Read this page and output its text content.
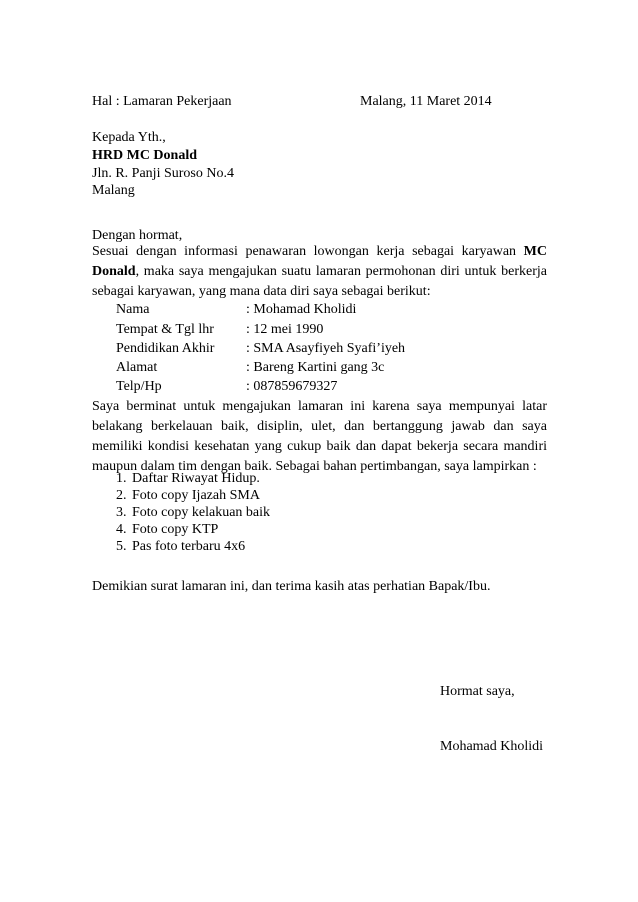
Hal : Lamaran Pekerjaan	Malang, 11 Maret 2014
Kepada Yth.,
HRD MC Donald
Jln. R. Panji Suroso No.4
Malang
Dengan hormat,
Sesuai dengan informasi penawaran lowongan kerja sebagai karyawan MC Donald, maka saya mengajukan suatu lamaran permohonan diri untuk berkerja sebagai karyawan, yang mana data diri saya sebagai berikut:
Nama	: Mohamad Kholidi
Tempat & Tgl lhr : 12 mei 1990
Pendidikan Akhir : SMA Asayfiyeh Syafi’iyeh
Alamat	: Bareng Kartini gang 3c
Telp/Hp	: 087859679327
Saya berminat untuk mengajukan lamaran ini karena saya mempunyai latar belakang berkelauan baik, disiplin, ulet, dan bertanggung jawab dan saya memiliki kondisi kesehatan yang cukup baik dan dapat bekerja secara mandiri maupun dalam tim dengan baik. Sebagai bahan pertimbangan, saya lampirkan :
1. Daftar Riwayat Hidup.
2. Foto copy Ijazah SMA
3. Foto copy kelakuan baik
4. Foto copy KTP
5. Pas foto terbaru 4x6
Demikian surat lamaran ini, dan terima kasih atas perhatian Bapak/Ibu.
Hormat saya,
Mohamad Kholidi
